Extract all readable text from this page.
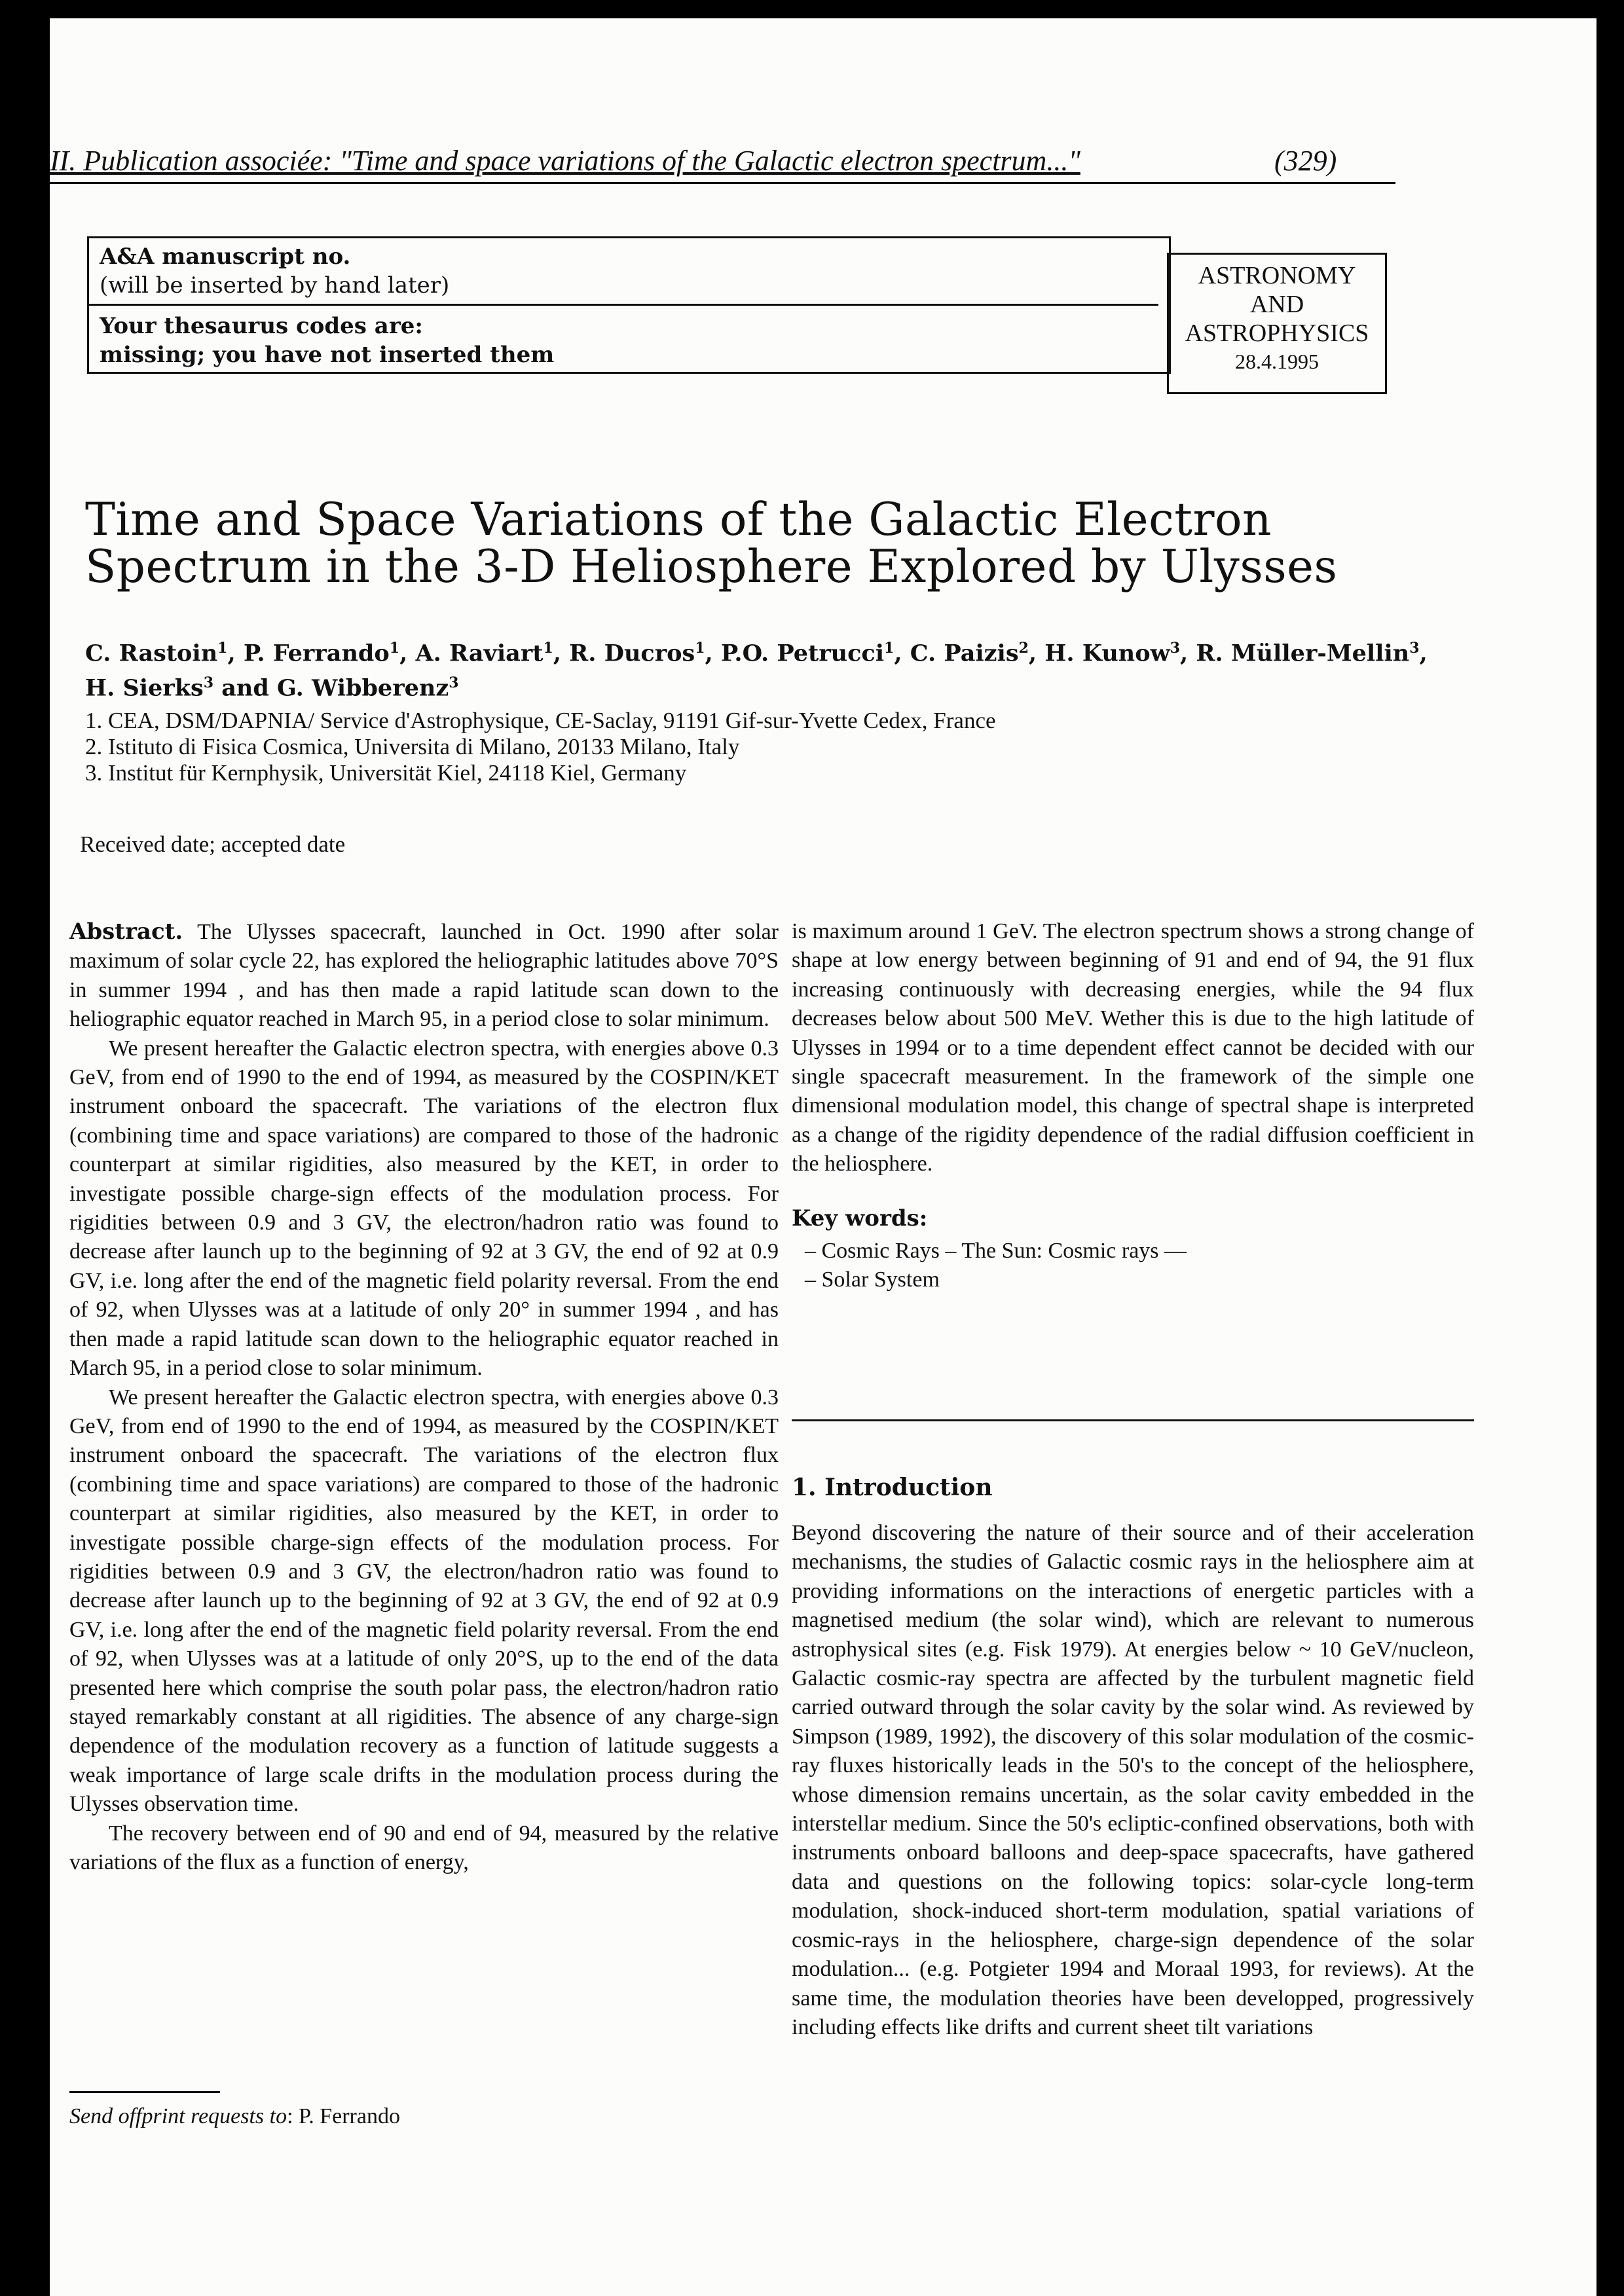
II. Publication associée: "Time and space variations of the Galactic electron spectrum..."	(329)
A&A manuscript no.
(will be inserted by hand later)
Your thesaurus codes are:
missing; you have not inserted them
ASTRONOMY
AND
ASTROPHYSICS
28.4.1995
Time and Space Variations of the Galactic Electron
Spectrum in the 3-D Heliosphere Explored by Ulysses
C. Rastoin$^1$, P. Ferrando$^1$, A. Raviart$^1$, R. Ducros$^1$, P.O. Petrucci$^1$, C. Paizis$^2$, H. Kunow$^3$, R. Müller-Mellin$^3$,
H. Sierks$^3$ and G. Wibberenz$^3$
1. CEA, DSM/DAPNIA/ Service d'Astrophysique, CE-Saclay, 91191 Gif-sur-Yvette Cedex, France
2. Istituto di Fisica Cosmica, Universita di Milano, 20133 Milano, Italy
3. Institut für Kernphysik, Universität Kiel, 24118 Kiel, Germany
Received date; accepted date

Abstract. The Ulysses spacecraft, launched in Oct. 1990 after solar maximum of solar cycle 22, has explored the heliographic latitudes above 70°S in summer 1994 , and has then made a rapid latitude scan down to the heliographic equator reached in March 95, in a period close to solar minimum.

We present hereafter the Galactic electron spectra, with energies above 0.3 GeV, from end of 1990 to the end of 1994, as measured by the COSPIN/KET instrument onboard the spacecraft. The variations of the electron flux (combining time and space variations) are compared to those of the hadronic counterpart at similar rigidities, also measured by the KET, in order to investigate possible charge-sign effects of the modulation process. For rigidities between 0.9 and 3 GV, the electron/hadron ratio was found to decrease after launch up to the beginning of 92 at 3 GV, the end of 92 at 0.9 GV, i.e. long after the end of the magnetic field polarity reversal. From the end of 92, when Ulysses was at a latitude of only 20° in summer 1994 , and has then made a rapid latitude scan down to the heliographic equator reached in March 95, in a period close to solar minimum.

We present hereafter the Galactic electron spectra, with energies above 0.3 GeV, from end of 1990 to the end of 1994, as measured by the COSPIN/KET instrument onboard the spacecraft. The variations of the electron flux (combining time and space variations) are compared to those of the hadronic counterpart at similar rigidities, also measured by the KET, in order to investigate possible charge-sign effects of the modulation process. For rigidities between 0.9 and 3 GV, the electron/hadron ratio was found to decrease after launch up to the beginning of 92 at 3 GV, the end of 92 at 0.9 GV, i.e. long after the end of the magnetic field polarity reversal. From the end of 92, when Ulysses was at a latitude of only 20°S, up to the end of the data presented here which comprise the south polar pass, the electron/hadron ratio stayed remarkably constant at all rigidities. The absence of any charge-sign dependence of the modulation recovery as a function of latitude suggests a weak importance of large scale drifts in the modulation process during the Ulysses observation time.

The recovery between end of 90 and end of 94, measured by the relative variations of the flux as a function of energy,

Send offprint requests to: P. Ferrando

is maximum around 1 GeV. The electron spectrum shows a strong change of shape at low energy between beginning of 91 and end of 94, the 91 flux increasing continuously with decreasing energies, while the 94 flux decreases below about 500 MeV. Wether this is due to the high latitude of Ulysses in 1994 or to a time dependent effect cannot be decided with our single spacecraft measurement. In the framework of the simple one dimensional modulation model, this change of spectral shape is interpreted as a change of the rigidity dependence of the radial diffusion coefficient in the heliosphere.

Key words:

– Cosmic Rays – The Sun: Cosmic rays —

– Solar System

1. Introduction
Beyond discovering the nature of their source and of their acceleration mechanisms, the studies of Galactic cosmic rays in the heliosphere aim at providing informations on the interactions of energetic particles with a magnetised medium (the solar wind), which are relevant to numerous astrophysical sites (e.g. Fisk 1979). At energies below ~ 10 GeV/nucleon, Galactic cosmic-ray spectra are affected by the turbulent magnetic field carried outward through the solar cavity by the solar wind. As reviewed by Simpson (1989, 1992), the discovery of this solar modulation of the cosmic-ray fluxes historically leads in the 50's to the concept of the heliosphere, whose dimension remains uncertain, as the solar cavity embedded in the interstellar medium. Since the 50's ecliptic-confined observations, both with instruments onboard balloons and deep-space spacecrafts, have gathered data and questions on the following topics: solar-cycle long-term modulation, shock-induced short-term modulation, spatial variations of cosmic-rays in the heliosphere, charge-sign dependence of the solar modulation... (e.g. Potgieter 1994 and Moraal 1993, for reviews). At the same time, the modulation theories have been developped, progressively including effects like drifts and current sheet tilt variations
